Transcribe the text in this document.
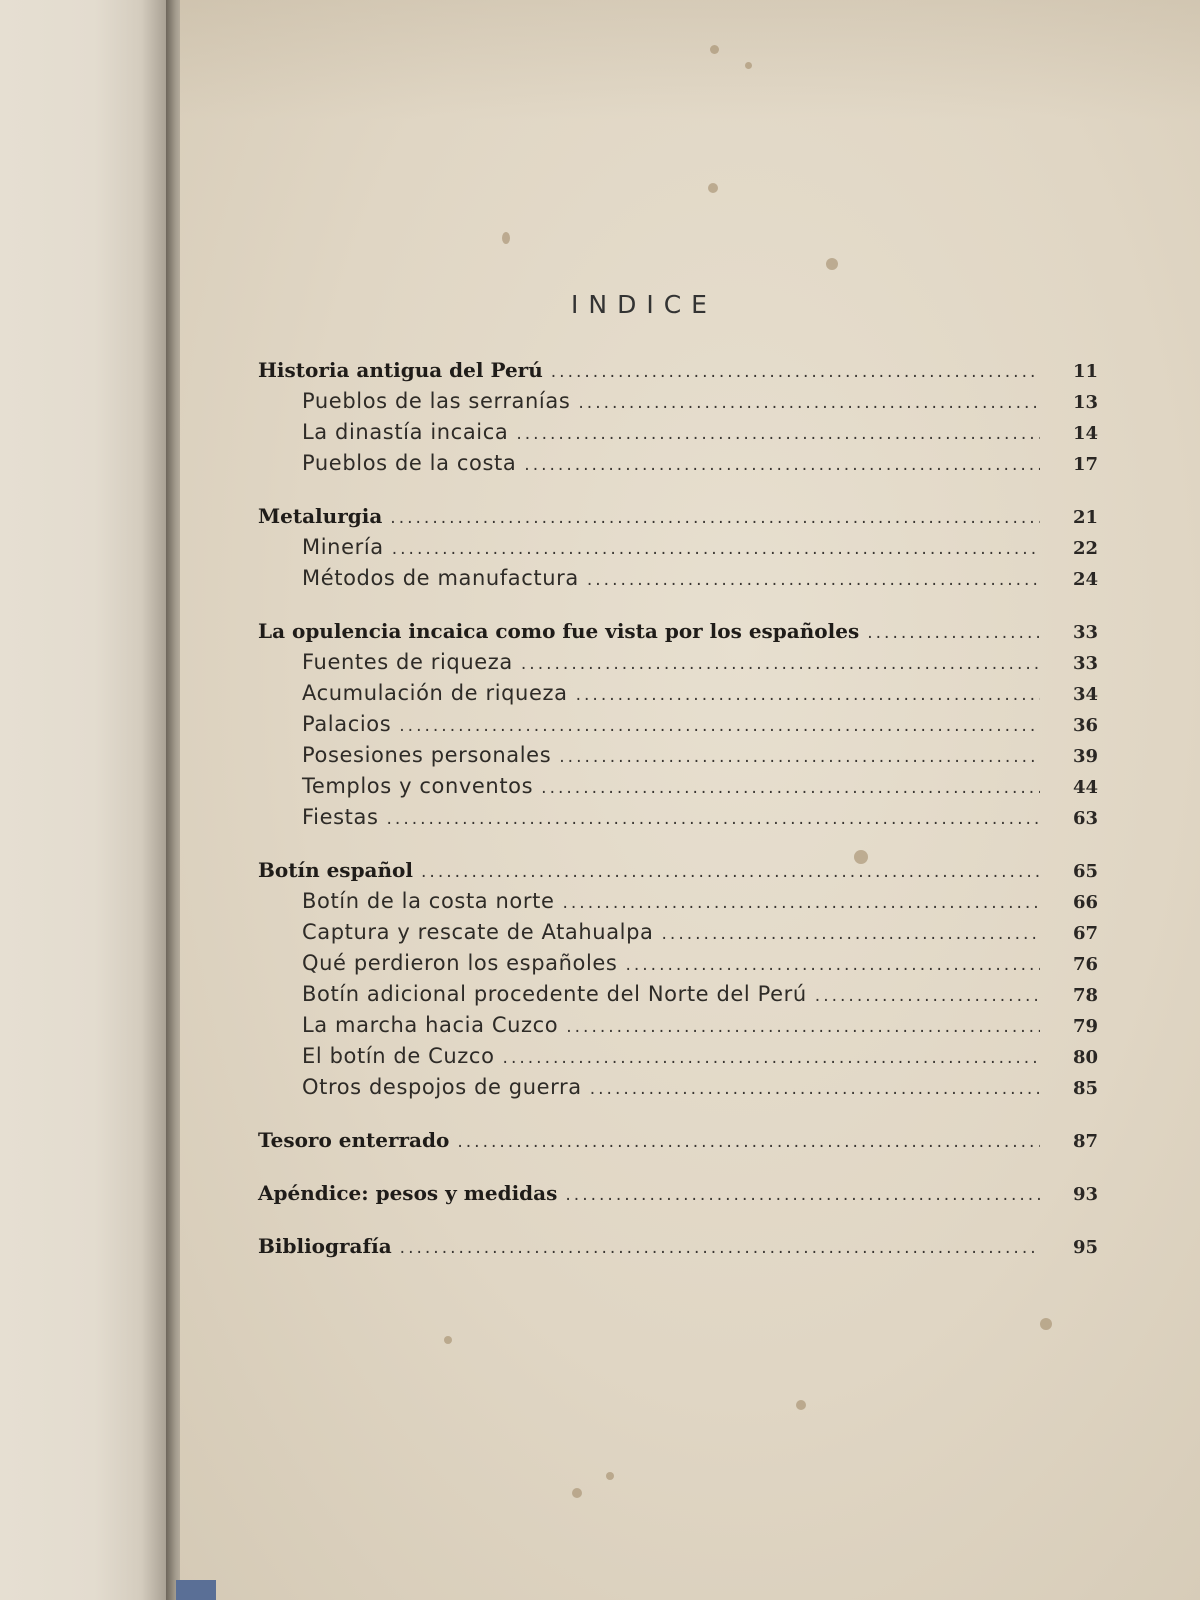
INDICE
Historia antigua del Perú . . .	11
Pueblos de las serranías . . .	13
La dinastía incaica . . .	14
Pueblos de la costa . . .	17
Metalurgia . . .	21
Minería . . .	22
Métodos de manufactura . . .	24
La opulencia incaica como fue vista por los españoles . . .	33
Fuentes de riqueza . . .	33
Acumulación de riqueza . . .	34
Palacios . . .	36
Posesiones personales . . .	39
Templos y conventos . . .	44
Fiestas . . .	63
Botín español . . .	65
Botín de la costa norte . . .	66
Captura y rescate de Atahualpa . . .	67
Qué perdieron los españoles . . .	76
Botín adicional procedente del Norte del Perú . . .	78
La marcha hacia Cuzco . . .	79
El botín de Cuzco . . .	80
Otros despojos de guerra . . .	85
Tesoro enterrado . . .	87
Apéndice: pesos y medidas . . .	93
Bibliografía . . .	95
